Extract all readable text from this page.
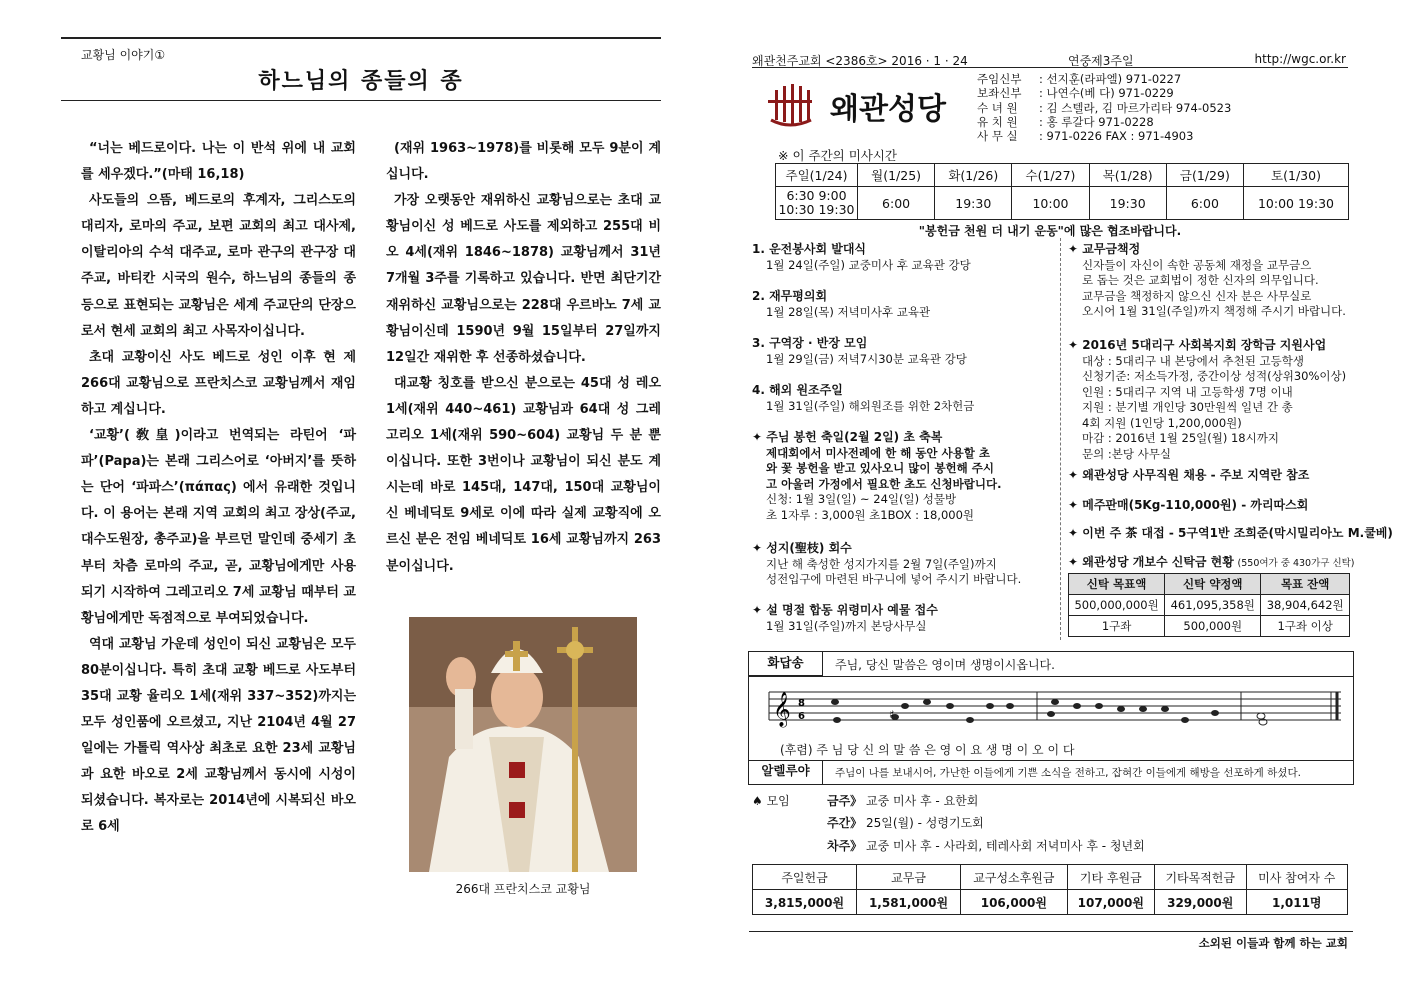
교황님 이야기①
하느님의 종들의 종

“너는 베드로이다. 나는 이 반석 위에 내 교회를 세우겠다.”(마태 16,18)

사도들의 으뜸, 베드로의 후계자, 그리스도의 대리자, 로마의 주교, 보편 교회의 최고 대사제, 이탈리아의 수석 대주교, 로마 관구의 관구장 대주교, 바티칸 시국의 원수, 하느님의 종들의 종 등으로 표현되는 교황님은 세계 주교단의 단장으로서 현세 교회의 최고 사목자이십니다.

초대 교황이신 사도 베드로 성인 이후 현 제266대 교황님으로 프란치스코 교황님께서 재임하고 계십니다.

‘교황’(敎皇)이라고 번역되는 라틴어 ‘파파’(Papa)는 본래 그리스어로 ‘아버지’를 뜻하는 단어 ‘파파스’(πάπας) 에서 유래한 것입니다. 이 용어는 본래 지역 교회의 최고 장상(주교, 대수도원장, 총주교)을 부르던 말인데 중세기 초부터 차츰 로마의 주교, 곧, 교황님에게만 사용되기 시작하여 그레고리오 7세 교황님 때부터 교황님에게만 독점적으로 부여되었습니다.

역대 교황님 가운데 성인이 되신 교황님은 모두 80분이십니다. 특히 초대 교황 베드로 사도부터 35대 교황 율리오 1세(재위 337~352)까지는 모두 성인품에 오르셨고, 지난 2104년 4월 27일에는 가톨릭 역사상 최초로 요한 23세 교황님과 요한 바오로 2세 교황님께서 동시에 시성이 되셨습니다. 복자로는 2014년에 시복되신 바오로 6세

(재위 1963~1978)를 비롯해 모두 9분이 계십니다.

가장 오랫동안 재위하신 교황님으로는 초대 교황님이신 성 베드로 사도를 제외하고 255대 비오 4세(재위 1846~1878) 교황님께서 31년 7개월 3주를 기록하고 있습니다. 반면 최단기간 재위하신 교황님으로는 228대 우르바노 7세 교황님이신데 1590년 9월 15일부터 27일까지 12일간 재위한 후 선종하셨습니다.

대교황 칭호를 받으신 분으로는 45대 성 레오 1세(재위 440~461) 교황님과 64대 성 그레고리오 1세(재위 590~604) 교황님 두 분 뿐이십니다. 또한 3번이나 교황님이 되신 분도 계시는데 바로 145대, 147대, 150대 교황님이신 베네딕토 9세로 이에 따라 실제 교황직에 오르신 분은 전임 베네딕토 16세 교황님까지 263분이십니다.

266대 프란치스코 교황님
왜관천주교회 <2386호> 2016 · 1 · 24	연중제3주일	http://wgc.or.kr
왜관성당
주임신부 : 선지훈(라파엘) 971-0227
보좌신부 : 나연수(베 다) 971-0229
수 녀 원 : 김 스텔라, 김 마르가리타 974-0523
유 치 원 : 홍 루갈다 971-0228
사 무 실 : 971-0226 FAX : 971-4903
※ 이 주간의 미사시간
주일(1/24)	월(1/25)	화(1/26)	수(1/27)	목(1/28)	금(1/29)	토(1/30)

6:30 9:00
10:30 19:30	6:00	19:30	10:00	19:30	6:00	10:00 19:30
"봉헌금 천원 더 내기 운동"에 많은 협조바랍니다.
1. 운전봉사회 발대식
1월 24일(주일) 교중미사 후 교육관 강당
2. 재무평의회
1월 28일(목) 저녁미사후 교육관
3. 구역장 · 반장 모임
1월 29일(금) 저녁7시30분 교육관 강당
4. 해외 원조주일
1월 31일(주일) 해외원조를 위한 2차헌금
✦ 주님 봉헌 축일(2월 2일) 초 축복
제대회에서 미사전례에 한 해 동안 사용할 초
와 꽃 봉헌을 받고 있사오니 많이 봉헌해 주시
고 아울러 가정에서 필요한 초도 신청바랍니다.
신청: 1월 3일(일) ~ 24일(일) 성물방
초 1자루 : 3,000원 초1BOX : 18,000원
✦ 성지(聖枝) 회수
지난 해 축성한 성지가지를 2월 7일(주일)까지
성전입구에 마련된 바구니에 넣어 주시기 바랍니다.
✦ 설 명절 합동 위령미사 예물 접수
1월 31일(주일)까지 본당사무실
✦ 교무금책정
신자들이 자신이 속한 공동체 재정을 교무금으
로 돕는 것은 교회법이 정한 신자의 의무입니다.
교무금을 책정하지 않으신 신자 분은 사무실로
오시어 1월 31일(주일)까지 책정해 주시기 바랍니다.
✦ 2016년 5대리구 사회복지회 장학금 지원사업
대상 : 5대리구 내 본당에서 추천된 고등학생
신청기준: 저소득가정, 중간이상 성적(상위30%이상)
인원 : 5대리구 지역 내 고등학생 7명 이내
지원 : 분기별 개인당 30만원씩 일년 간 총
4회 지원 (1인당 1,200,000원)
마감 : 2016년 1월 25일(월) 18시까지
문의 :본당 사무실
✦ 왜관성당 사무직원 채용 - 주보 지역란 참조
✦ 메주판매(5Kg-110,000원) - 까리따스회
✦ 이번 주 茶 대접 - 5구역1반 조희준(막시밀리아노 M.쿨베)
✦ 왜관성당 개보수 신탁금 현황 (550여가 중 430가구 신탁)
신탁 목표액	신탁 약정액	목표 잔액
500,000,000원	461,095,358원	38,904,642원
1구좌	500,000원	1구좌 이상
화답송	주님, 당신 말씀은 영이며 생명이시옵니다.
알렐루야	주님이 나를 보내시어, 가난한 이들에게 기쁜 소식을 전하고, 잡혀간 이들에게 해방을 선포하게 하셨다.
𝄞 8
6	♯
(후렴) 주 님 당 신 의 말 씀 은 영 이 요 생 명 이 오 이 다
♠ 모임	금주》 교중 미사 후 - 요한회
주간》 25일(월) - 성령기도회
차주》 교중 미사 후 - 사라회, 테레사회 저녁미사 후 - 청년회
주일헌금	교무금	교구성소후원금	기타 후원금	기타목적헌금	미사 참여자 수
3,815,000원	1,581,000원	106,000원	107,000원	329,000원	1,011명
소외된 이들과 함께 하는 교회
